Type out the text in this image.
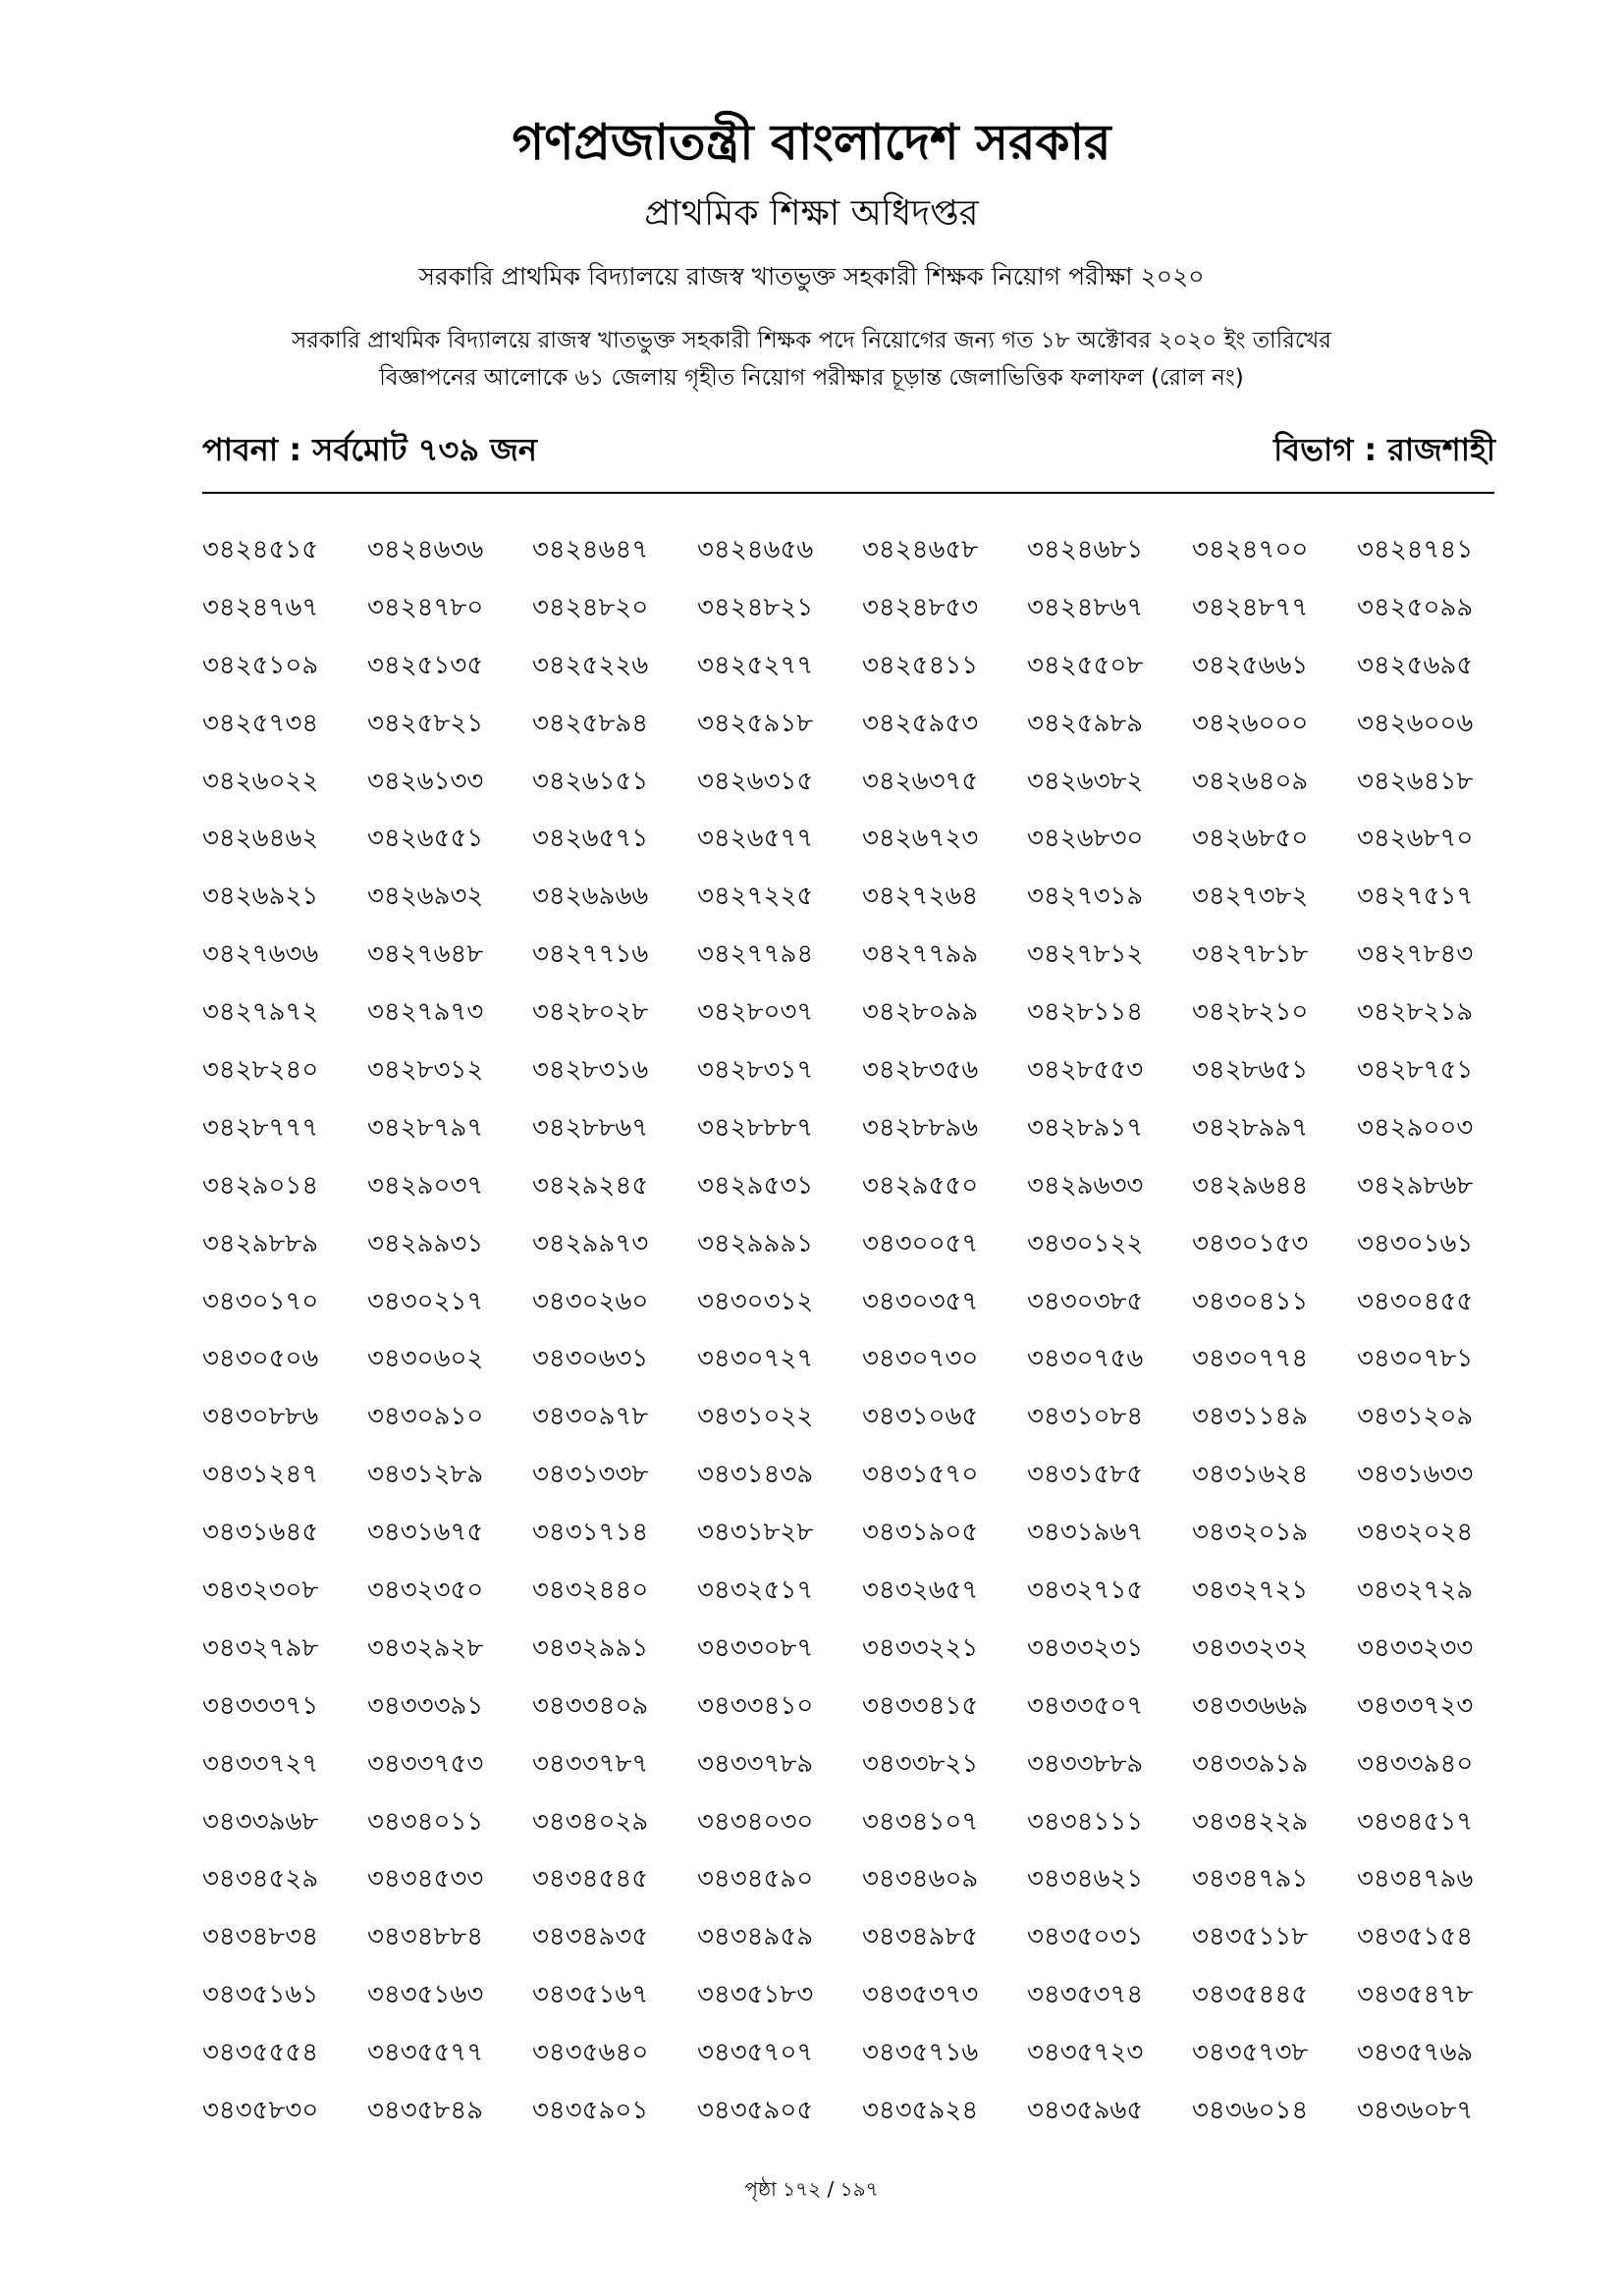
গণপ্রজাতন্ত্রী বাংলাদেশ সরকার
প্রাথমিক শিক্ষা অধিদপ্তর
সরকারি প্রাথমিক বিদ্যালয়ে রাজস্ব খাতভুক্ত সহকারী শিক্ষক নিয়োগ পরীক্ষা ২০২০
সরকারি প্রাথমিক বিদ্যালয়ে রাজস্ব খাতভুক্ত সহকারী শিক্ষক পদে নিয়োগের জন্য গত ১৮ অক্টোবর ২০২০ ইং তারিখের
বিজ্ঞাপনের আলোকে ৬১ জেলায় গৃহীত নিয়োগ পরীক্ষার চূড়ান্ত জেলাভিত্তিক ফলাফল (রোল নং)
পাবনা : সর্বমোট ৭৩৯ জন	বিভাগ : রাজশাহী
৩৪২৪৫১৫ ৩৪২৪৬৩৬ ৩৪২৪৬৪৭ ৩৪২৪৬৫৬ ৩৪২৪৬৫৮ ৩৪২৪৬৮১ ৩৪২৪৭০০ ৩৪২৪৭৪১
৩৪২৪৭৬৭ ৩৪২৪৭৮০ ৩৪২৪৮২০ ৩৪২৪৮২১ ৩৪২৪৮৫৩ ৩৪২৪৮৬৭ ৩৪২৪৮৭৭ ৩৪২৫০৯৯
৩৪২৫১০৯ ৩৪২৫১৩৫ ৩৪২৫২২৬ ৩৪২৫২৭৭ ৩৪২৫৪১১ ৩৪২৫৫০৮ ৩৪২৫৬৬১ ৩৪২৫৬৯৫
৩৪২৫৭৩৪ ৩৪২৫৮২১ ৩৪২৫৮৯৪ ৩৪২৫৯১৮ ৩৪২৫৯৫৩ ৩৪২৫৯৮৯ ৩৪২৬০০০ ৩৪২৬০০৬
৩৪২৬০২২ ৩৪২৬১৩৩ ৩৪২৬১৫১ ৩৪২৬৩১৫ ৩৪২৬৩৭৫ ৩৪২৬৩৮২ ৩৪২৬৪০৯ ৩৪২৬৪১৮
৩৪২৬৪৬২ ৩৪২৬৫৫১ ৩৪২৬৫৭১ ৩৪২৬৫৭৭ ৩৪২৬৭২৩ ৩৪২৬৮৩০ ৩৪২৬৮৫০ ৩৪২৬৮৭০
৩৪২৬৯২১ ৩৪২৬৯৩২ ৩৪২৬৯৬৬ ৩৪২৭২২৫ ৩৪২৭২৬৪ ৩৪২৭৩১৯ ৩৪২৭৩৮২ ৩৪২৭৫১৭
৩৪২৭৬৩৬ ৩৪২৭৬৪৮ ৩৪২৭৭১৬ ৩৪২৭৭৯৪ ৩৪২৭৭৯৯ ৩৪২৭৮১২ ৩৪২৭৮১৮ ৩৪২৭৮৪৩
৩৪২৭৯৭২ ৩৪২৭৯৭৩ ৩৪২৮০২৮ ৩৪২৮০৩৭ ৩৪২৮০৯৯ ৩৪২৮১১৪ ৩৪২৮২১০ ৩৪২৮২১৯
৩৪২৮২৪০ ৩৪২৮৩১২ ৩৪২৮৩১৬ ৩৪২৮৩১৭ ৩৪২৮৩৫৬ ৩৪২৮৫৫৩ ৩৪২৮৬৫১ ৩৪২৮৭৫১
৩৪২৮৭৭৭ ৩৪২৮৭৯৭ ৩৪২৮৮৬৭ ৩৪২৮৮৮৭ ৩৪২৮৮৯৬ ৩৪২৮৯১৭ ৩৪২৮৯৯৭ ৩৪২৯০০৩
৩৪২৯০১৪ ৩৪২৯০৩৭ ৩৪২৯২৪৫ ৩৪২৯৫৩১ ৩৪২৯৫৫০ ৩৪২৯৬৩৩ ৩৪২৯৬৪৪ ৩৪২৯৮৬৮
৩৪২৯৮৮৯ ৩৪২৯৯৩১ ৩৪২৯৯৭৩ ৩৪২৯৯৯১ ৩৪৩০০৫৭ ৩৪৩০১২২ ৩৪৩০১৫৩ ৩৪৩০১৬১
৩৪৩০১৭০ ৩৪৩০২১৭ ৩৪৩০২৬০ ৩৪৩০৩১২ ৩৪৩০৩৫৭ ৩৪৩০৩৮৫ ৩৪৩০৪১১ ৩৪৩০৪৫৫
৩৪৩০৫০৬ ৩৪৩০৬০২ ৩৪৩০৬৩১ ৩৪৩০৭২৭ ৩৪৩০৭৩০ ৩৪৩০৭৫৬ ৩৪৩০৭৭৪ ৩৪৩০৭৮১
৩৪৩০৮৮৬ ৩৪৩০৯১০ ৩৪৩০৯৭৮ ৩৪৩১০২২ ৩৪৩১০৬৫ ৩৪৩১০৮৪ ৩৪৩১১৪৯ ৩৪৩১২০৯
৩৪৩১২৪৭ ৩৪৩১২৮৯ ৩৪৩১৩৩৮ ৩৪৩১৪৩৯ ৩৪৩১৫৭০ ৩৪৩১৫৮৫ ৩৪৩১৬২৪ ৩৪৩১৬৩৩
৩৪৩১৬৪৫ ৩৪৩১৬৭৫ ৩৪৩১৭১৪ ৩৪৩১৮২৮ ৩৪৩১৯০৫ ৩৪৩১৯৬৭ ৩৪৩২০১৯ ৩৪৩২০২৪
৩৪৩২৩০৮ ৩৪৩২৩৫০ ৩৪৩২৪৪০ ৩৪৩২৫১৭ ৩৪৩২৬৫৭ ৩৪৩২৭১৫ ৩৪৩২৭২১ ৩৪৩২৭২৯
৩৪৩২৭৯৮ ৩৪৩২৯২৮ ৩৪৩২৯৯১ ৩৪৩৩০৮৭ ৩৪৩৩২২১ ৩৪৩৩২৩১ ৩৪৩৩২৩২ ৩৪৩৩২৩৩
৩৪৩৩৩৭১ ৩৪৩৩৩৯১ ৩৪৩৩৪০৯ ৩৪৩৩৪১০ ৩৪৩৩৪১৫ ৩৪৩৩৫০৭ ৩৪৩৩৬৬৯ ৩৪৩৩৭২৩
৩৪৩৩৭২৭ ৩৪৩৩৭৫৩ ৩৪৩৩৭৮৭ ৩৪৩৩৭৮৯ ৩৪৩৩৮২১ ৩৪৩৩৮৮৯ ৩৪৩৩৯১৯ ৩৪৩৩৯৪০
৩৪৩৩৯৬৮ ৩৪৩৪০১১ ৩৪৩৪০২৯ ৩৪৩৪০৩০ ৩৪৩৪১০৭ ৩৪৩৪১১১ ৩৪৩৪২২৯ ৩৪৩৪৫১৭
৩৪৩৪৫২৯ ৩৪৩৪৫৩৩ ৩৪৩৪৫৪৫ ৩৪৩৪৫৯০ ৩৪৩৪৬০৯ ৩৪৩৪৬২১ ৩৪৩৪৭৯১ ৩৪৩৪৭৯৬
৩৪৩৪৮৩৪ ৩৪৩৪৮৮৪ ৩৪৩৪৯৩৫ ৩৪৩৪৯৫৯ ৩৪৩৪৯৮৫ ৩৪৩৫০৩১ ৩৪৩৫১১৮ ৩৪৩৫১৫৪
৩৪৩৫১৬১ ৩৪৩৫১৬৩ ৩৪৩৫১৬৭ ৩৪৩৫১৮৩ ৩৪৩৫৩৭৩ ৩৪৩৫৩৭৪ ৩৪৩৫৪৪৫ ৩৪৩৫৪৭৮
৩৪৩৫৫৫৪ ৩৪৩৫৫৭৭ ৩৪৩৫৬৪০ ৩৪৩৫৭০৭ ৩৪৩৫৭১৬ ৩৪৩৫৭২৩ ৩৪৩৫৭৩৮ ৩৪৩৫৭৬৯
৩৪৩৫৮৩০ ৩৪৩৫৮৪৯ ৩৪৩৫৯০১ ৩৪৩৫৯০৫ ৩৪৩৫৯২৪ ৩৪৩৫৯৬৫ ৩৪৩৬০১৪ ৩৪৩৬০৮৭
পৃষ্ঠা ১৭২ / ১৯৭
